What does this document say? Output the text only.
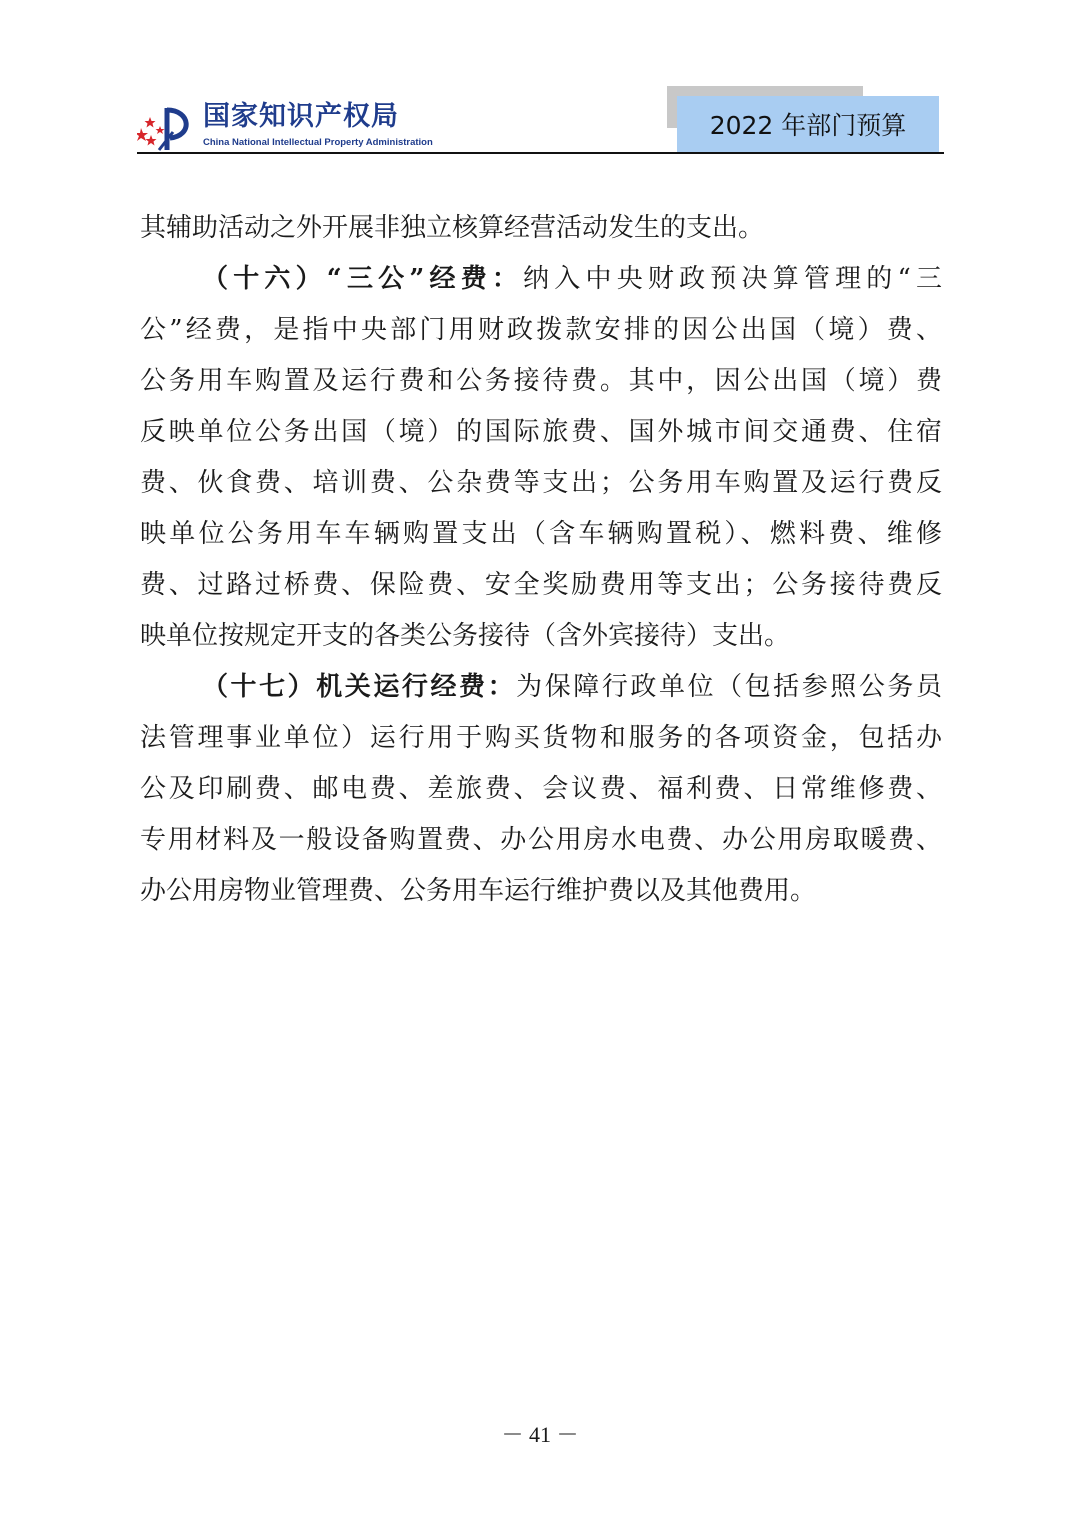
国家知识产权局
China National Intellectual Property Administration
2022 年部门预算
其辅助活动之外开展非独立核算经营活动发生的支出。
（十六）“三公”经费：纳入中央财政预决算管理的“三
公”经费，是指中央部门用财政拨款安排的因公出国（境）费、
公务用车购置及运行费和公务接待费。其中，因公出国（境）费
反映单位公务出国（境）的国际旅费、国外城市间交通费、住宿
费、伙食费、培训费、公杂费等支出；公务用车购置及运行费反
映单位公务用车车辆购置支出（含车辆购置税）、燃料费、维修
费、过路过桥费、保险费、安全奖励费用等支出；公务接待费反
映单位按规定开支的各类公务接待（含外宾接待）支出。
（十七）机关运行经费：为保障行政单位（包括参照公务员
法管理事业单位）运行用于购买货物和服务的各项资金，包括办
公及印刷费、邮电费、差旅费、会议费、福利费、日常维修费、
专用材料及一般设备购置费、办公用房水电费、办公用房取暖费、
办公用房物业管理费、公务用车运行维护费以及其他费用。
－ 41 －
